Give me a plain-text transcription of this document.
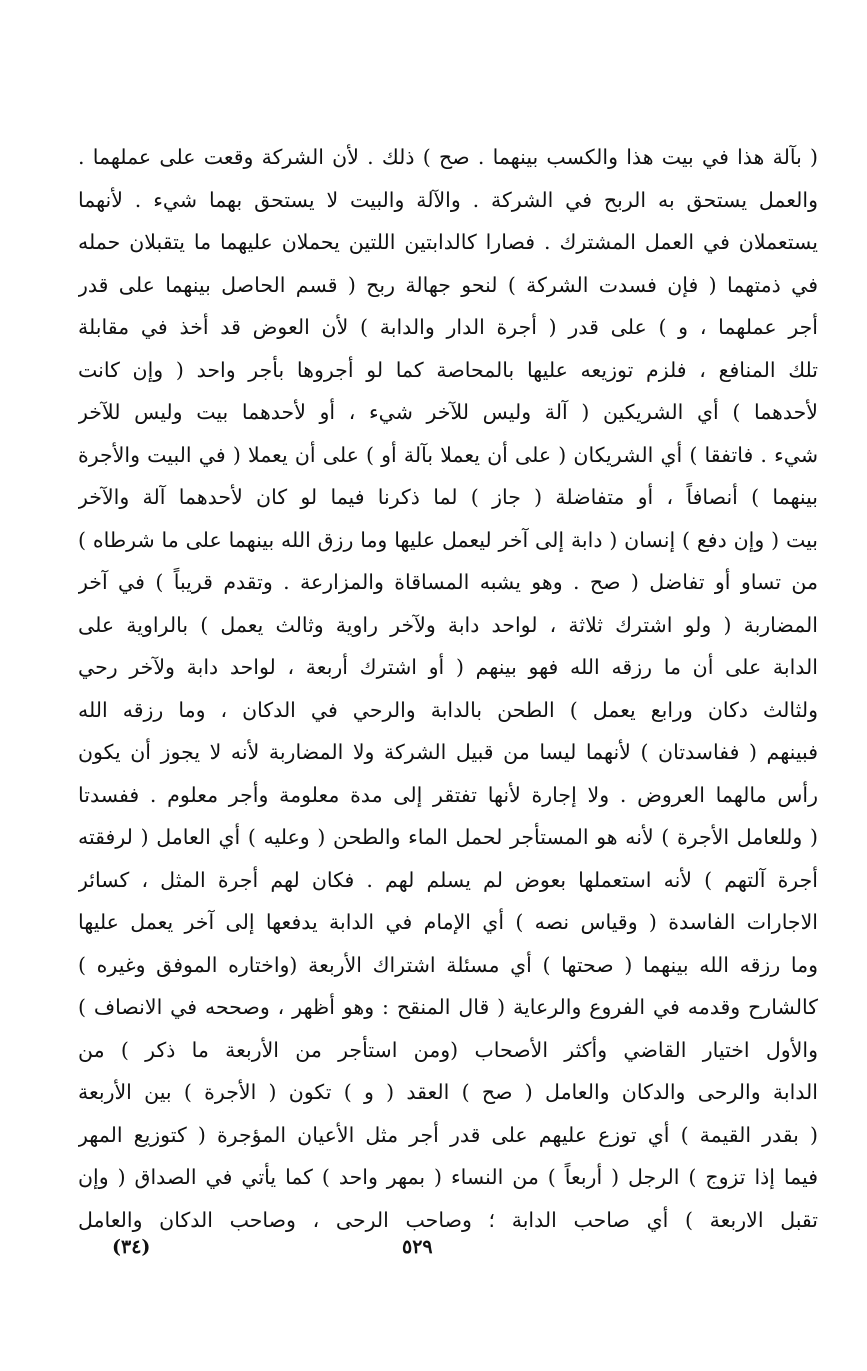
( بآلة هذا في بيت هذا والكسب بينهما . صح ) ذلك . لأن الشركة وقعت على عملهما .
والعمل يستحق به الربح في الشركة . والآلة والبيت لا يستحق بهما شيء . لأنهما
يستعملان في العمل المشترك . فصارا كالدابتين اللتين يحملان عليهما ما يتقبلان حمله
في ذمتهما ( فإن فسدت الشركة ) لنحو جهالة ربح ( قسم الحاصل بينهما على قدر
أجر عملهما ، و ) على قدر ( أجرة الدار والدابة ) لأن العوض قد أخذ في مقابلة
تلك المنافع ، فلزم توزيعه عليها بالمحاصة كما لو أجروها بأجر واحد ( وإن كانت
لأحدهما ) أي الشريكين ( آلة وليس للآخر شيء ، أو لأحدهما بيت وليس للآخر
شيء . فاتفقا ) أي الشريكان ( على أن يعملا بآلة أو ) على أن يعملا ( في البيت والأجرة
بينهما ) أنصافاً ، أو متفاضلة ( جاز ) لما ذكرنا فيما لو كان لأحدهما آلة والآخر
بيت ( وإن دفع ) إنسان ( دابة إلى آخر ليعمل عليها وما رزق الله بينهما على ما شرطاه )
من تساو أو تفاضل ( صح . وهو يشبه المساقاة والمزارعة . وتقدم قريباً ) في آخر
المضاربة ( ولو اشترك ثلاثة ، لواحد دابة ولآخر راوية وثالث يعمل ) بالراوية على
الدابة على أن ما رزقه الله فهو بينهم ( أو اشترك أربعة ، لواحد دابة ولآخر رحي
ولثالث دكان ورابع يعمل ) الطحن بالدابة والرحي في الدكان ، وما رزقه الله
فبينهم ( ففاسدتان ) لأنهما ليسا من قبيل الشركة ولا المضاربة لأنه لا يجوز أن يكون
رأس مالهما العروض . ولا إجارة لأنها تفتقر إلى مدة معلومة وأجر معلوم . ففسدتا
( وللعامل الأجرة ) لأنه هو المستأجر لحمل الماء والطحن ( وعليه ) أي العامل ( لرفقته
أجرة آلتهم ) لأنه استعملها بعوض لم يسلم لهم . فكان لهم أجرة المثل ، كسائر
الاجارات الفاسدة ( وقياس نصه ) أي الإمام في الدابة يدفعها إلى آخر يعمل عليها
وما رزقه الله بينهما ( صحتها ) أي مسئلة اشتراك الأربعة (واختاره الموفق وغيره )
كالشارح وقدمه في الفروع والرعاية ( قال المنقح : وهو أظهر ، وصححه في الانصاف )
والأول اختيار القاضي وأكثر الأصحاب (ومن استأجر من الأربعة ما ذكر ) من
الدابة والرحى والدكان والعامل ( صح ) العقد ( و ) تكون ( الأجرة ) بين الأربعة
( بقدر القيمة ) أي توزع عليهم على قدر أجر مثل الأعيان المؤجرة ( كتوزيع المهر
فيما إذا تزوج ) الرجل ( أربعاً ) من النساء ( بمهر واحد ) كما يأتي في الصداق ( وإن
تقبل الاربعة ) أي صاحب الدابة ؛ وصاحب الرحى ، وصاحب الدكان والعامل
٥٢٩
(٣٤)
